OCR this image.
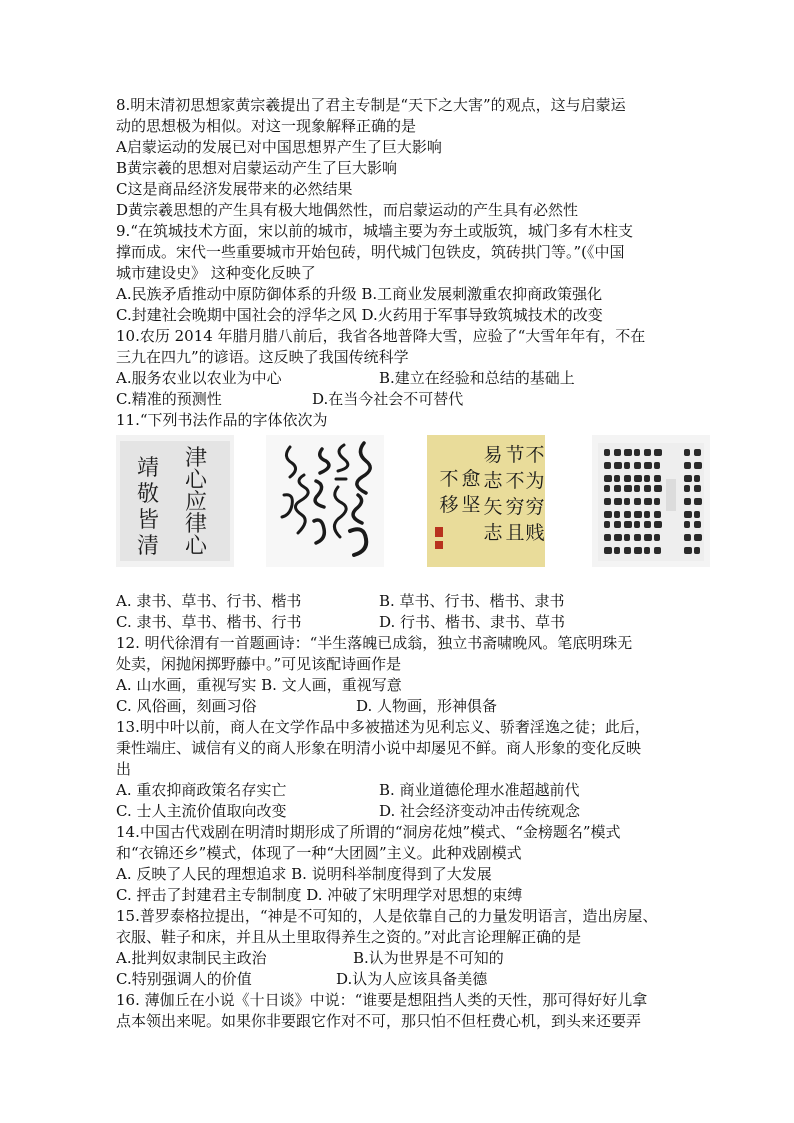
8.明末清初思想家黄宗羲提出了君主专制是“天下之大害”的观点，这与启蒙运
动的思想极为相似。对这一现象解释正确的是
A启蒙运动的发展已对中国思想界产生了巨大影响
B黄宗羲的思想对启蒙运动产生了巨大影响
C这是商品经济发展带来的必然结果
D黄宗羲思想的产生具有极大地偶然性，而启蒙运动的产生具有必然性
9.“在筑城技术方面，宋以前的城市，城墙主要为夯土或版筑，城门多有木柱支
撑而成。宋代一些重要城市开始包砖，明代城门包铁皮，筑砖拱门等。”(《中国
城市建设史》 这种变化反映了
A.民族矛盾推动中原防御体系的升级 B.工商业发展刺激重农抑商政策强化
C.封建社会晚期中国社会的浮华之风 D.火药用于军事导致筑城技术的改变
10.农历 2014 年腊月腊八前后，我省各地普降大雪，应验了“大雪年年有，不在
三九在四九”的谚语。这反映了我国传统科学
A.服务农业以农业为中心	B.建立在经验和总结的基础上
C.精准的预测性	D.在当今社会不可替代
11.“下列书法作品的字体依次为
靖
敬
皆
清
津
心
应
律
心
不
移
愈
坚
易
志
矢
志
节
不
穷
且
不
为
穷
贱
A. 隶书、草书、行书、楷书	B. 草书、行书、楷书、隶书
C. 隶书、草书、楷书、行书	D. 行书、楷书、隶书、草书
12. 明代徐渭有一首题画诗：“半生落魄已成翁，独立书斋啸晚风。笔底明珠无
处卖，闲抛闲掷野藤中。”可见该配诗画作是
A. 山水画，重视写实 B. 文人画，重视写意
C. 风俗画，刻画习俗	D. 人物画，形神俱备
13.明中叶以前，商人在文学作品中多被描述为见利忘义、骄奢淫逸之徒；此后，
秉性端庄、诚信有义的商人形象在明清小说中却屡见不鲜。商人形象的变化反映
出
A. 重农抑商政策名存实亡	B. 商业道德伦理水准超越前代
C. 士人主流价值取向改变	D. 社会经济变动冲击传统观念
14.中国古代戏剧在明清时期形成了所谓的“洞房花烛”模式、“金榜题名”模式
和“衣锦还乡”模式，体现了一种“大团圆”主义。此种戏剧模式
A. 反映了人民的理想追求 B. 说明科举制度得到了大发展
C. 抨击了封建君主专制制度 D. 冲破了宋明理学对思想的束缚
15.普罗泰格拉提出，“神是不可知的，人是依靠自己的力量发明语言，造出房屋、
衣服、鞋子和床，并且从土里取得养生之资的。”对此言论理解正确的是
A.批判奴隶制民主政治	B.认为世界是不可知的
C.特别强调人的价值	D.认为人应该具备美德
16. 薄伽丘在小说《十日谈》中说：“谁要是想阻挡人类的天性，那可得好好儿拿
点本领出来呢。如果你非要跟它作对不可，那只怕不但枉费心机，到头来还要弄
